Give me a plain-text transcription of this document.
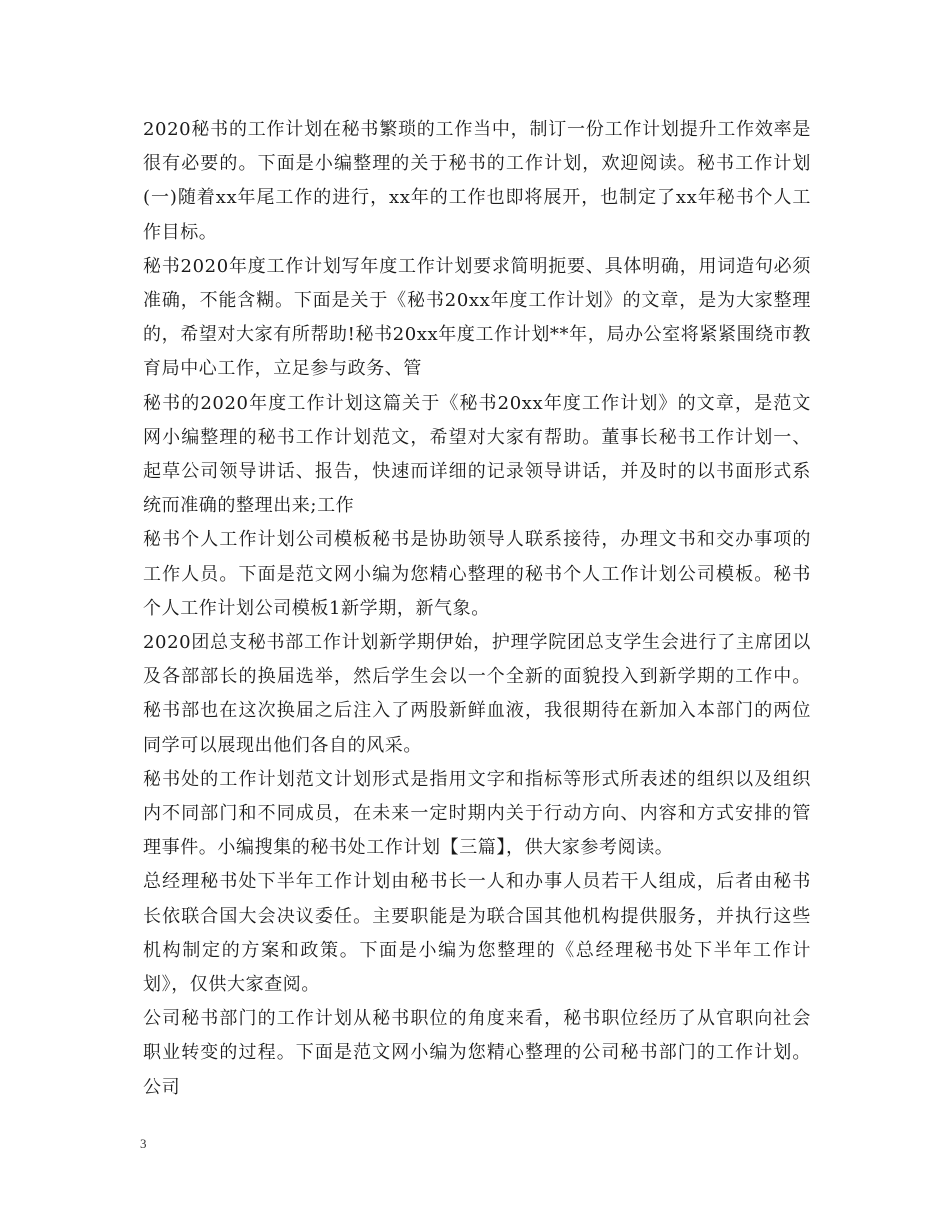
2020秘书的工作计划在秘书繁琐的工作当中，制订一份工作计划提升工作效率是很有必要的。下面是小编整理的关于秘书的工作计划，欢迎阅读。秘书工作计划(一)随着xx年尾工作的进行，xx年的工作也即将展开，也制定了xx年秘书个人工作目标。

秘书2020年度工作计划写年度工作计划要求简明扼要、具体明确，用词造句必须准确，不能含糊。下面是关于《秘书20xx年度工作计划》的文章，是为大家整理的，希望对大家有所帮助!秘书20xx年度工作计划**年，局办公室将紧紧围绕市教育局中心工作，立足参与政务、管

秘书的2020年度工作计划这篇关于《秘书20xx年度工作计划》的文章，是范文网小编整理的秘书工作计划范文，希望对大家有帮助。董事长秘书工作计划一、起草公司领导讲话、报告，快速而详细的记录领导讲话，并及时的以书面形式系统而准确的整理出来;工作

秘书个人工作计划公司模板秘书是协助领导人联系接待，办理文书和交办事项的工作人员。下面是范文网小编为您精心整理的秘书个人工作计划公司模板。秘书个人工作计划公司模板1新学期，新气象。

2020团总支秘书部工作计划新学期伊始，护理学院团总支学生会进行了主席团以及各部部长的换届选举，然后学生会以一个全新的面貌投入到新学期的工作中。秘书部也在这次换届之后注入了两股新鲜血液，我很期待在新加入本部门的两位同学可以展现出他们各自的风采。

秘书处的工作计划范文计划形式是指用文字和指标等形式所表述的组织以及组织内不同部门和不同成员，在未来一定时期内关于行动方向、内容和方式安排的管理事件。小编搜集的秘书处工作计划【三篇】，供大家参考阅读。

总经理秘书处下半年工作计划由秘书长一人和办事人员若干人组成，后者由秘书长依联合国大会决议委任。主要职能是为联合国其他机构提供服务，并执行这些机构制定的方案和政策。下面是小编为您整理的《总经理秘书处下半年工作计划》，仅供大家查阅。

公司秘书部门的工作计划从秘书职位的角度来看，秘书职位经历了从官职向社会职业转变的过程。下面是范文网小编为您精心整理的公司秘书部门的工作计划。公司

3
